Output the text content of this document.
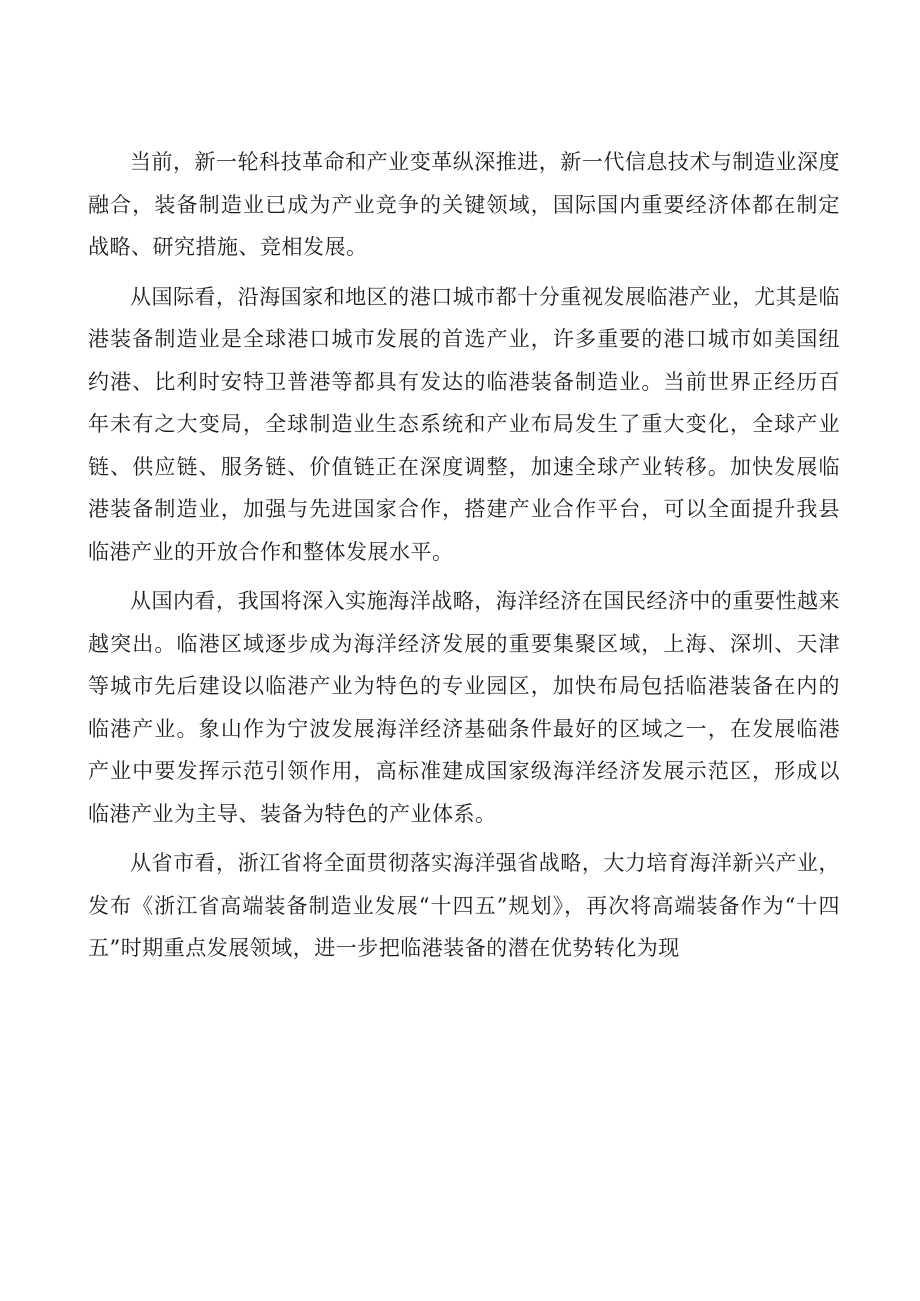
当前，新一轮科技革命和产业变革纵深推进，新一代信息技术与制造业深度融合，装备制造业已成为产业竞争的关键领域，国际国内重要经济体都在制定战略、研究措施、竞相发展。

从国际看，沿海国家和地区的港口城市都十分重视发展临港产业，尤其是临港装备制造业是全球港口城市发展的首选产业，许多重要的港口城市如美国纽约港、比利时安特卫普港等都具有发达的临港装备制造业。当前世界正经历百年未有之大变局，全球制造业生态系统和产业布局发生了重大变化，全球产业链、供应链、服务链、价值链正在深度调整，加速全球产业转移。加快发展临港装备制造业，加强与先进国家合作，搭建产业合作平台，可以全面提升我县临港产业的开放合作和整体发展水平。

从国内看，我国将深入实施海洋战略，海洋经济在国民经济中的重要性越来越突出。临港区域逐步成为海洋经济发展的重要集聚区域，上海、深圳、天津等城市先后建设以临港产业为特色的专业园区，加快布局包括临港装备在内的临港产业。象山作为宁波发展海洋经济基础条件最好的区域之一，在发展临港产业中要发挥示范引领作用，高标准建成国家级海洋经济发展示范区，形成以临港产业为主导、装备为特色的产业体系。

从省市看，浙江省将全面贯彻落实海洋强省战略，大力培育海洋新兴产业，发布《浙江省高端装备制造业发展“十四五”规划》，再次将高端装备作为“十四五”时期重点发展领域，进一步把临港装备的潜在优势转化为现
